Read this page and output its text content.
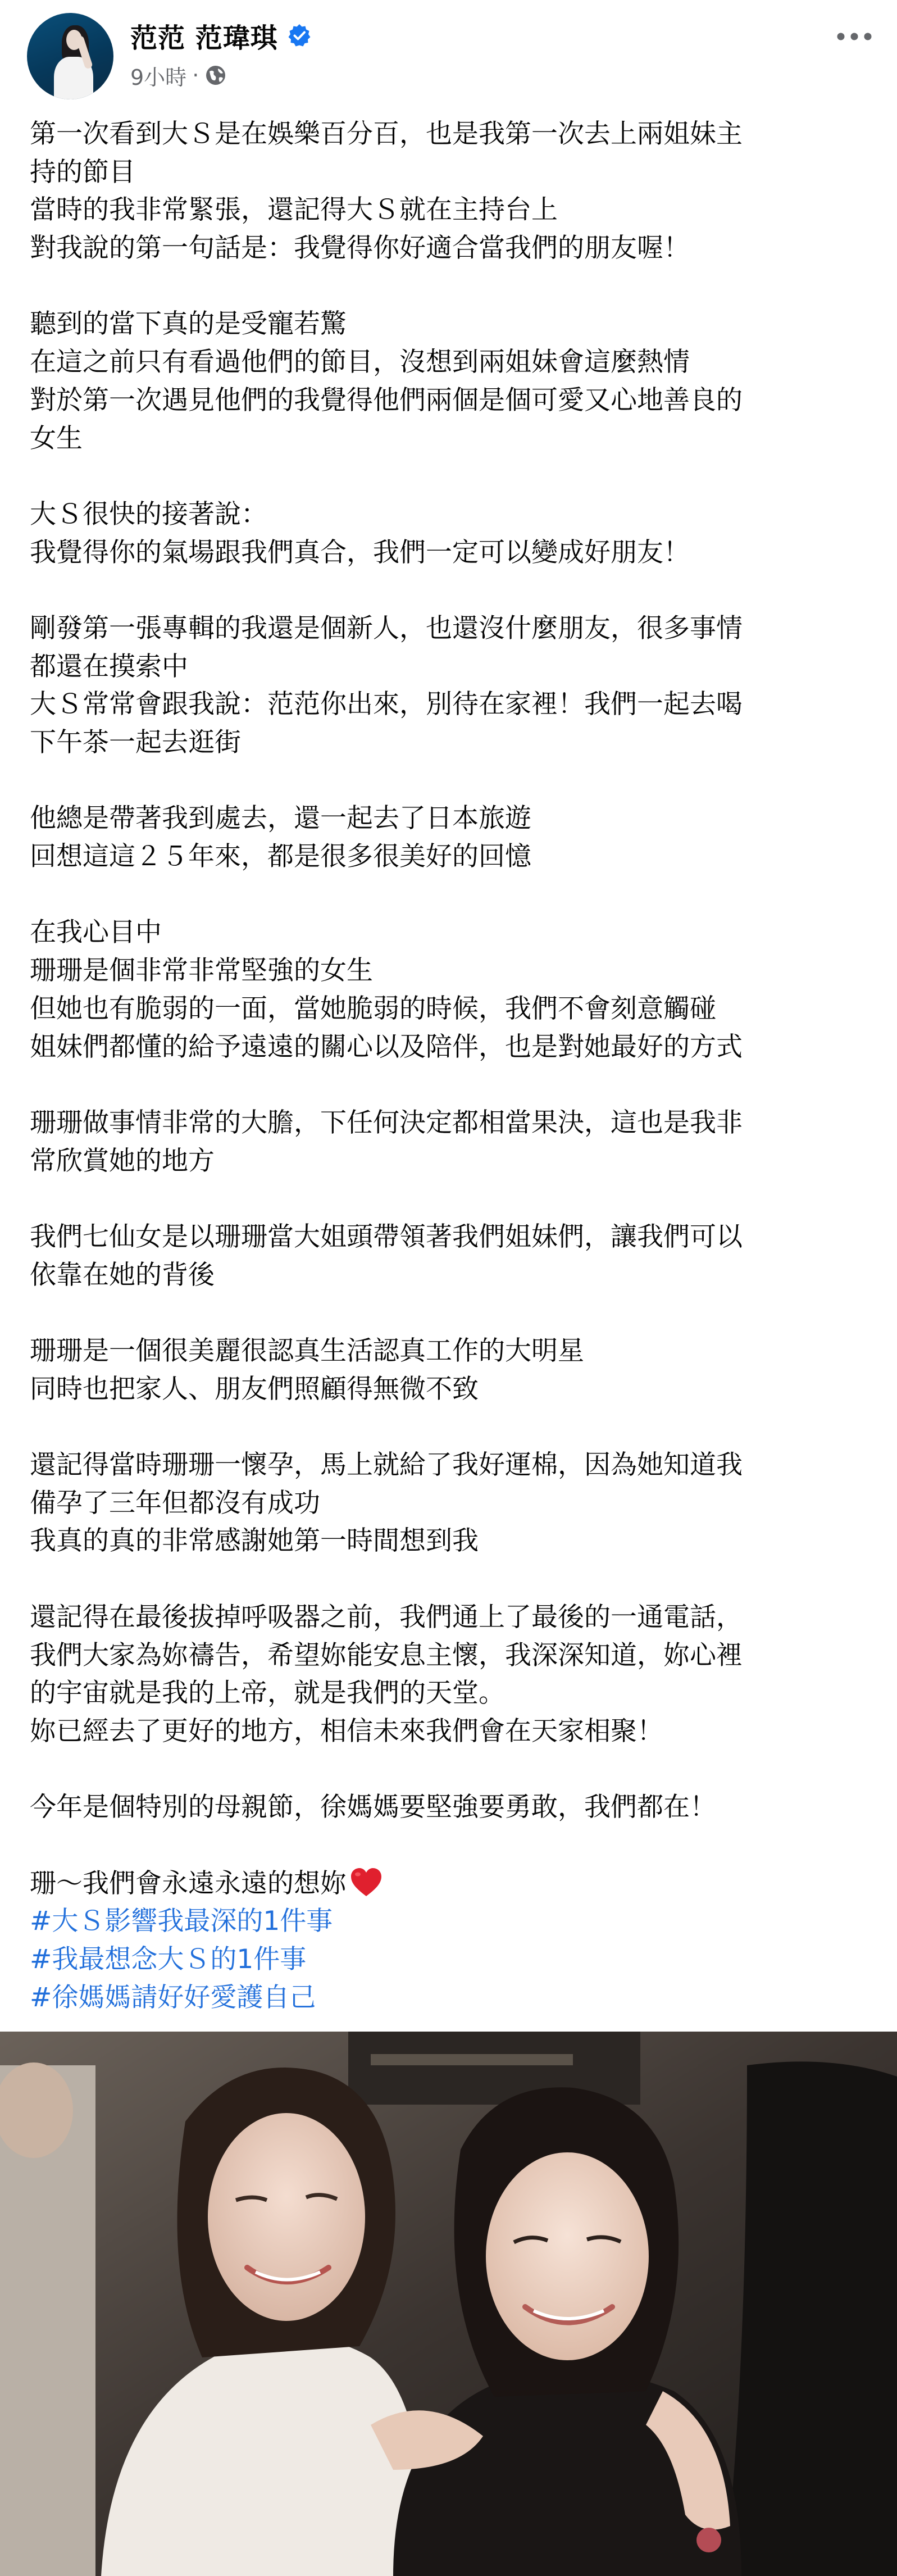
范范 范瑋琪
9小時 ·
第一次看到大Ｓ是在娛樂百分百，也是我第一次去上兩姐妹主
持的節目
當時的我非常緊張，還記得大Ｓ就在主持台上
對我說的第一句話是：我覺得你好適合當我們的朋友喔！
聽到的當下真的是受寵若驚
在這之前只有看過他們的節目，沒想到兩姐妹會這麼熱情
對於第一次遇見他們的我覺得他們兩個是個可愛又心地善良的
女生
大Ｓ很快的接著說：
我覺得你的氣場跟我們真合，我們一定可以變成好朋友！
剛發第一張專輯的我還是個新人，也還沒什麼朋友，很多事情
都還在摸索中
大Ｓ常常會跟我說：范范你出來，別待在家裡！我們一起去喝
下午茶一起去逛街
他總是帶著我到處去，還一起去了日本旅遊
回想這這２５年來，都是很多很美好的回憶
在我心目中
珊珊是個非常非常堅強的女生
但她也有脆弱的一面，當她脆弱的時候，我們不會刻意觸碰
姐妹們都懂的給予遠遠的關心以及陪伴，也是對她最好的方式
珊珊做事情非常的大膽，下任何決定都相當果決，這也是我非
常欣賞她的地方
我們七仙女是以珊珊當大姐頭帶領著我們姐妹們，讓我們可以
依靠在她的背後
珊珊是一個很美麗很認真生活認真工作的大明星
同時也把家人、朋友們照顧得無微不致
還記得當時珊珊一懷孕，馬上就給了我好運棉，因為她知道我
備孕了三年但都沒有成功
我真的真的非常感謝她第一時間想到我
還記得在最後拔掉呼吸器之前，我們通上了最後的一通電話，
我們大家為妳禱告，希望妳能安息主懷，我深深知道，妳心裡
的宇宙就是我的上帝，就是我們的天堂。
妳已經去了更好的地方，相信未來我們會在天家相聚！
今年是個特別的母親節，徐媽媽要堅強要勇敢，我們都在！
珊～我們會永遠永遠的想妳
#大Ｓ影響我最深的1件事
#我最想念大Ｓ的1件事
#徐媽媽請好好愛護自己
